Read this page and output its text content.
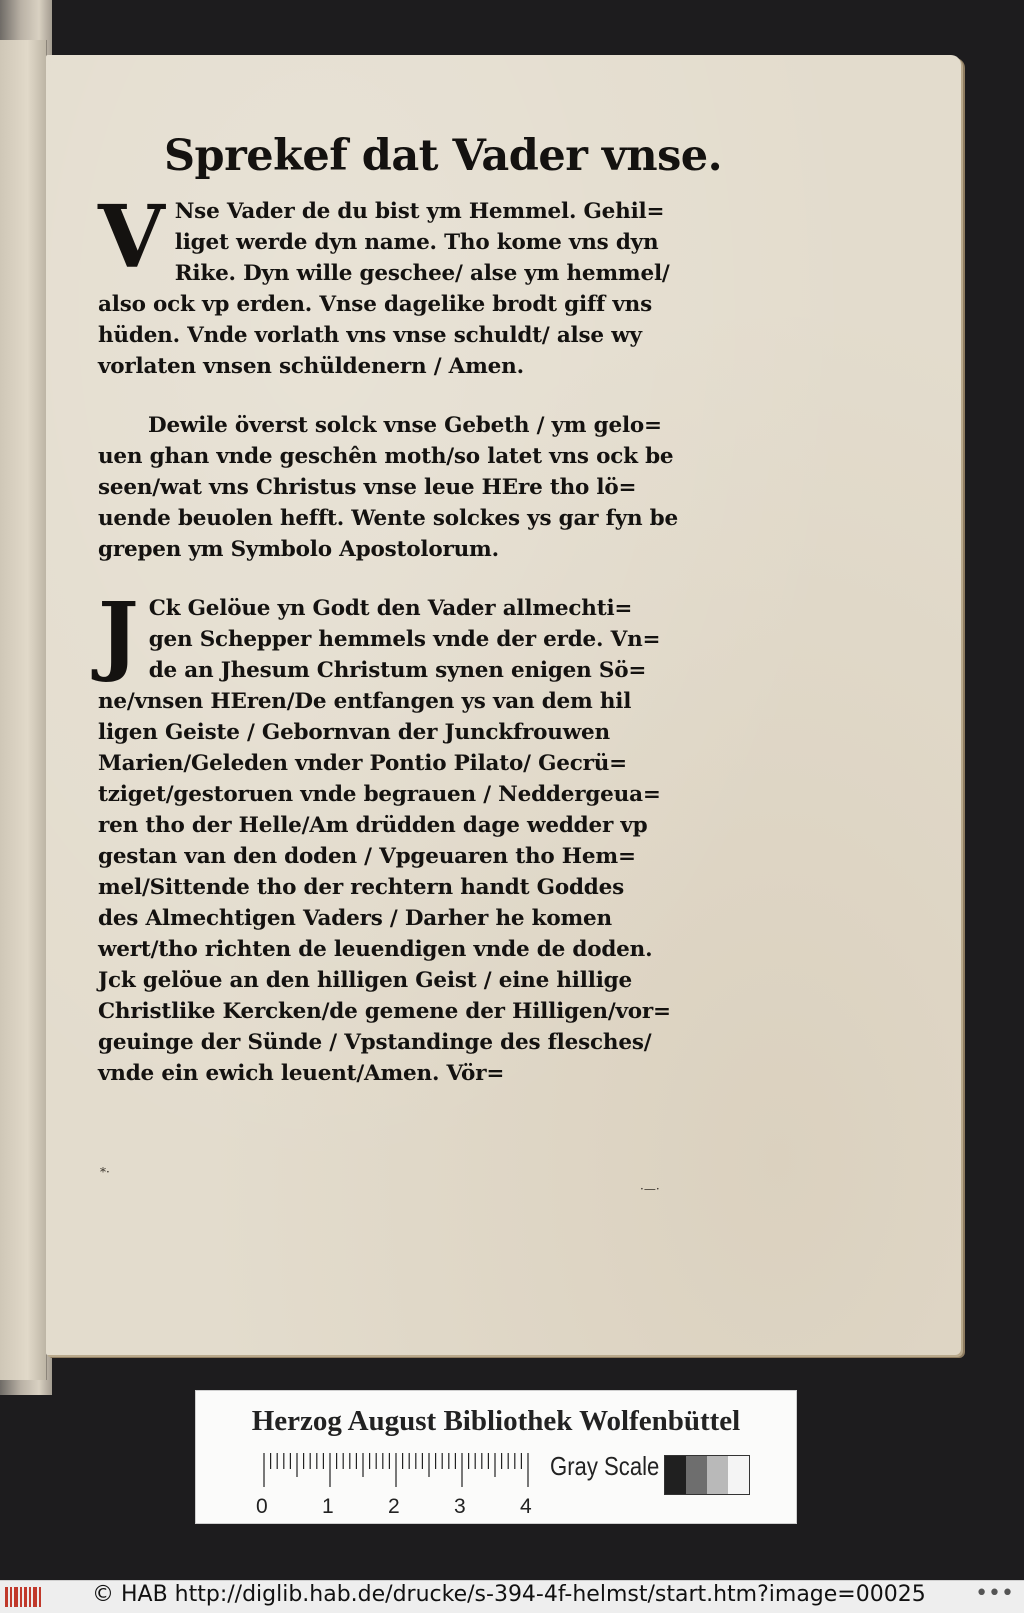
Sprekef dat Vader vnse.
V Nse Vader de du bist ym Hemmel. Gehil=
liget werde dyn name. Tho kome vns dyn
Rike. Dyn wille geschee/ alse ym hemmel/
also ock vp erden. Vnse dagelike brodt giff vns
hüden. Vnde vorlath vns vnse schuldt/ alse wy
vorlaten vnsen schüldenern / Amen.
Dewile överst solck vnse Gebeth / ym gelo=
uen ghan vnde geschên moth/so latet vns ock be
seen/wat vns Christus vnse leue HEre tho lö=
uende beuolen hefft. Wente solckes ys gar fyn be
grepen ym Symbolo Apostolorum.
J Ck Gelöue yn Godt den Vader allmechti=
gen Schepper hemmels vnde der erde. Vn=
de an Jhesum Christum synen enigen Sö=
ne/vnsen HEren/De entfangen ys van dem hil
ligen Geiste / Gebornvan der Junckfrouwen
Marien/Geleden vnder Pontio Pilato/ Gecrü=
tziget/gestoruen vnde begrauen / Neddergeua=
ren tho der Helle/Am drüdden dage wedder vp
gestan van den doden / Vpgeuaren tho Hem=
mel/Sittende tho der rechtern handt Goddes
des Almechtigen Vaders / Darher he komen
wert/tho richten de leuendigen vnde de doden.
Jck gelöue an den hilligen Geist / eine hillige
Christlike Kercken/de gemene der Hilligen/vor=
geuinge der Sünde / Vpstandinge des flesches/
vnde ein ewich leuent/Amen. Vör=
*·
·—·
Herzog August Bibliothek Wolfenbüttel
0	1	2	3	4
Gray Scale
© HAB http://diglib.hab.de/drucke/s-394-4f-helmst/start.htm?image=00025 •••
